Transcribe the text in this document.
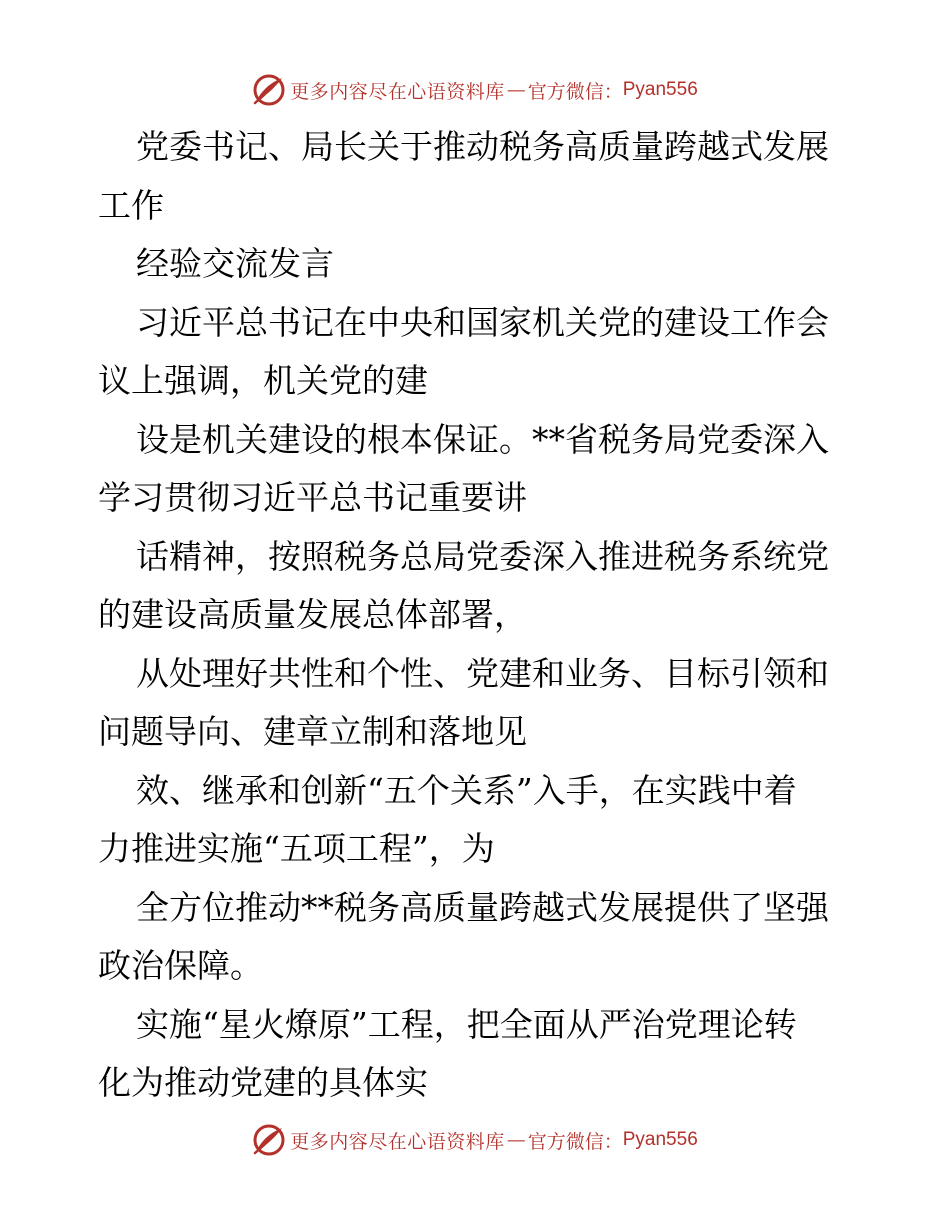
更多内容尽在心语资料库 — 官方微信： Pyan556
党委书记、局长关于推动税务高质量跨越式发展
工作
经验交流发言
习近平总书记在中央和国家机关党的建设工作会
议上强调，机关党的建
设是机关建设的根本保证。**省税务局党委深入
学习贯彻习近平总书记重要讲
话精神，按照税务总局党委深入推进税务系统党
的建设高质量发展总体部署，
从处理好共性和个性、党建和业务、目标引领和
问题导向、建章立制和落地见
效、继承和创新“五个关系”入手，在实践中着
力推进实施“五项工程”，为
全方位推动**税务高质量跨越式发展提供了坚强
政治保障。
实施“星火燎原”工程，把全面从严治党理论转
化为推动党建的具体实
更多内容尽在心语资料库 — 官方微信： Pyan556
